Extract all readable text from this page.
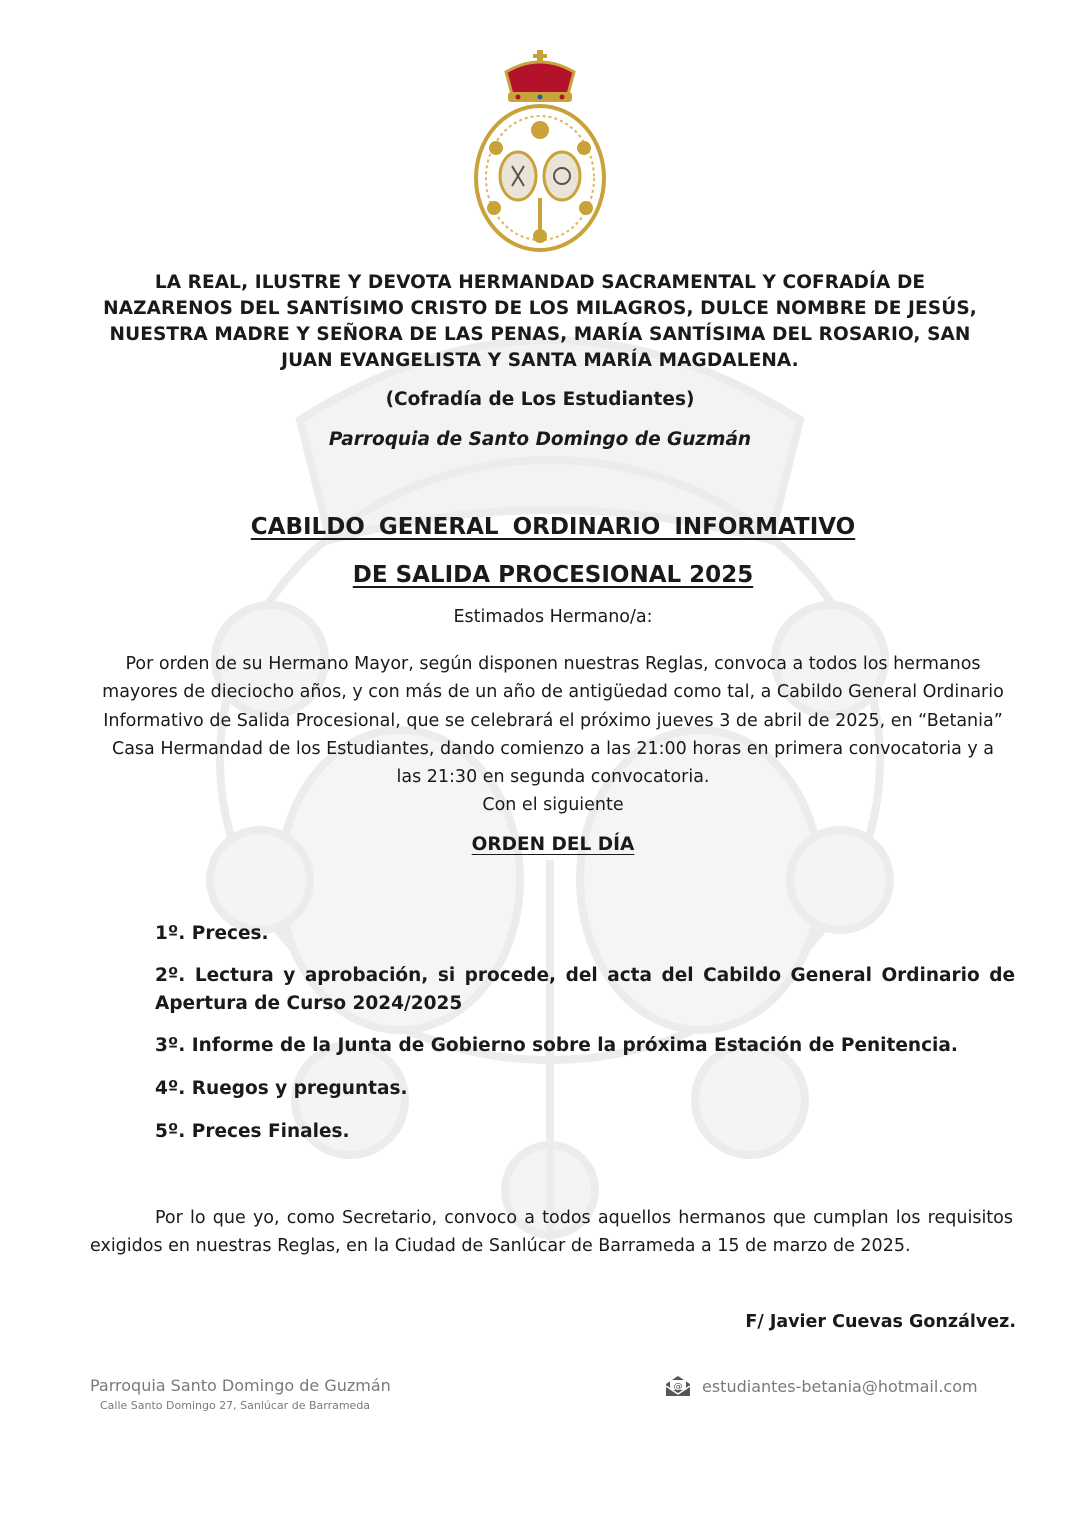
LA REAL, ILUSTRE Y DEVOTA HERMANDAD SACRAMENTAL Y COFRADÍA DE NAZARENOS DEL SANTÍSIMO CRISTO DE LOS MILAGROS, DULCE NOMBRE DE JESÚS, NUESTRA MADRE Y SEÑORA DE LAS PENAS, MARÍA SANTÍSIMA DEL ROSARIO, SAN JUAN EVANGELISTA Y SANTA MARÍA MAGDALENA.

(Cofradía de Los Estudiantes)

Parroquia de Santo Domingo de Guzmán

CABILDO GENERAL ORDINARIO INFORMATIVO

DE SALIDA PROCESIONAL 2025

Estimados Hermano/a:

Por orden de su Hermano Mayor, según disponen nuestras Reglas, convoca a todos los hermanos mayores de dieciocho años, y con más de un año de antigüedad como tal, a Cabildo General Ordinario Informativo de Salida Procesional, que se celebrará el próximo jueves 3 de abril de 2025, en “Betania” Casa Hermandad de los Estudiantes, dando comienzo a las 21:00 horas en primera convocatoria y a las 21:30 en segunda convocatoria.
Con el siguiente

ORDEN DEL DÍA

1º. Preces.
2º. Lectura y aprobación, si procede, del acta del Cabildo General Ordinario de Apertura de Curso 2024/2025
3º. Informe de la Junta de Gobierno sobre la próxima Estación de Penitencia.
4º. Ruegos y preguntas.
5º. Preces Finales.

Por lo que yo, como Secretario, convoco a todos aquellos hermanos que cumplan los requisitos exigidos en nuestras Reglas, en la Ciudad de Sanlúcar de Barrameda a 15 de marzo de 2025.

F/ Javier Cuevas Gonzálvez.

Parroquia Santo Domingo de Guzmán

Calle Santo Domingo 27, Sanlúcar de Barrameda

@ estudiantes-betania@hotmail.com
